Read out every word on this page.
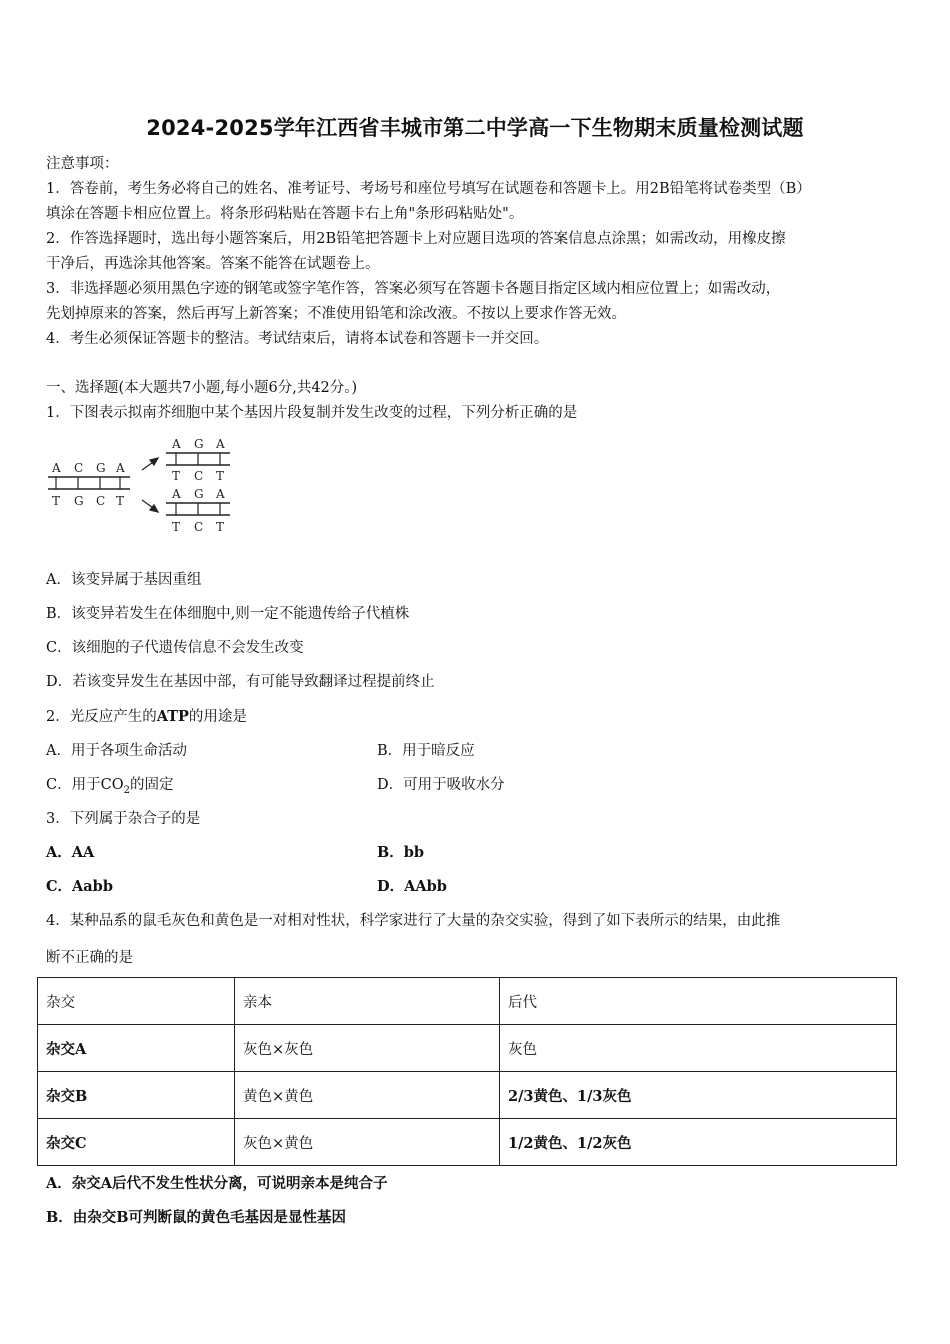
2024-2025学年江西省丰城市第二中学高一下生物期末质量检测试题
注意事项：
1．答卷前，考生务必将自己的姓名、准考证号、考场号和座位号填写在试题卷和答题卡上。用2B铅笔将试卷类型（B）
填涂在答题卡相应位置上。将条形码粘贴在答题卡右上角"条形码粘贴处"。
2．作答选择题时，选出每小题答案后，用2B铅笔把答题卡上对应题目选项的答案信息点涂黑；如需改动，用橡皮擦
干净后，再选涂其他答案。答案不能答在试题卷上。
3．非选择题必须用黑色字迹的钢笔或签字笔作答，答案必须写在答题卡各题目指定区域内相应位置上；如需改动，
先划掉原来的答案，然后再写上新答案；不准使用铅笔和涂改液。不按以上要求作答无效。
4．考生必须保证答题卡的整洁。考试结束后，请将本试卷和答题卡一并交回。
一、选择题(本大题共7小题,每小题6分,共42分。)
1．下图表示拟南芥细胞中某个基因片段复制并发生改变的过程，下列分析正确的是
A C G A
T G C T
A G A
T C T
A G A
T C T
A．该变异属于基因重组
B．该变异若发生在体细胞中,则一定不能遗传给子代植株
C．该细胞的子代遗传信息不会发生改变
D．若该变异发生在基因中部，有可能导致翻译过程提前终止
2．光反应产生的ATP的用途是
A．用于各项生命活动	B．用于暗反应
C．用于$CO_2$的固定	D．可用于吸收水分
3．下列属于杂合子的是
A．AA	B．bb
C．Aabb	D．AAbb
4．某种品系的鼠毛灰色和黄色是一对相对性状，科学家进行了大量的杂交实验，得到了如下表所示的结果，由此推
断不正确的是
杂交	亲本	后代
杂交A	灰色×灰色	灰色
杂交B	黄色×黄色	2/3黄色、1/3灰色
杂交C	灰色×黄色	1/2黄色、1/2灰色
A．杂交A后代不发生性状分离，可说明亲本是纯合子
B．由杂交B可判断鼠的黄色毛基因是显性基因
